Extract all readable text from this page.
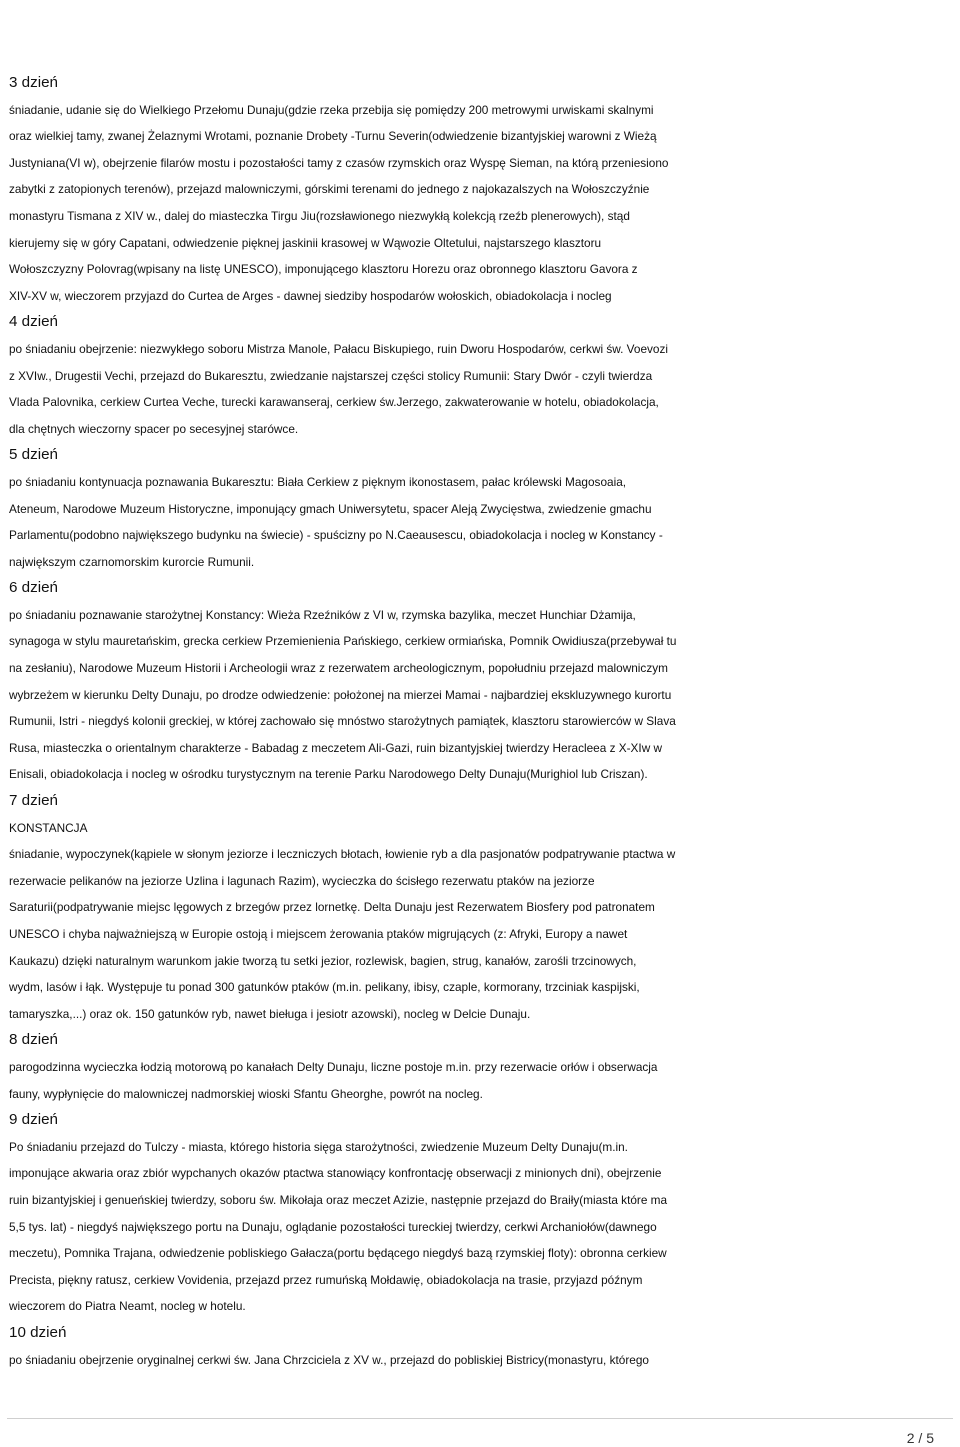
3 dzień

śniadanie, udanie się do Wielkiego Przełomu Dunaju(gdzie rzeka przebija się pomiędzy 200 metrowymi urwiskami skalnymi
oraz wielkiej tamy, zwanej Żelaznymi Wrotami, poznanie Drobety -Turnu Severin(odwiedzenie bizantyjskiej warowni z Wieżą
Justyniana(VI w), obejrzenie filarów mostu i pozostałości tamy z czasów rzymskich oraz Wyspę Sieman, na którą przeniesiono
zabytki z zatopionych terenów), przejazd malowniczymi, górskimi terenami do jednego z najokazalszych na Wołoszczyźnie
monastyru Tismana z XIV w., dalej do miasteczka Tirgu Jiu(rozsławionego niezwykłą kolekcją rzeźb plenerowych), stąd
kierujemy się w góry Capatani, odwiedzenie pięknej jaskinii krasowej w Wąwozie Oltetului, najstarszego klasztoru
Wołoszczyzny Polovrag(wpisany na listę UNESCO), imponującego klasztoru Horezu oraz obronnego klasztoru Gavora z
XIV-XV w, wieczorem przyjazd do Curtea de Arges - dawnej siedziby hospodarów wołoskich, obiadokolacja i nocleg

4 dzień

po śniadaniu obejrzenie: niezwykłego soboru Mistrza Manole, Pałacu Biskupiego, ruin Dworu Hospodarów, cerkwi św. Voevozi
z XVIw., Drugestii Vechi, przejazd do Bukaresztu, zwiedzanie najstarszej części stolicy Rumunii: Stary Dwór - czyli twierdza
Vlada Palovnika, cerkiew Curtea Veche, turecki karawanseraj, cerkiew św.Jerzego, zakwaterowanie w hotelu, obiadokolacja,
dla chętnych wieczorny spacer po secesyjnej starówce.

5 dzień

po śniadaniu kontynuacja poznawania Bukaresztu: Biała Cerkiew z pięknym ikonostasem, pałac królewski Magosoaia,
Ateneum, Narodowe Muzeum Historyczne, imponujący gmach Uniwersytetu, spacer Aleją Zwycięstwa, zwiedzenie gmachu
Parlamentu(podobno największego budynku na świecie) - spuścizny po N.Caeausescu, obiadokolacja i nocleg w Konstancy -
największym czarnomorskim kurorcie Rumunii.

6 dzień

po śniadaniu poznawanie starożytnej Konstancy: Wieża Rzeźników z VI w, rzymska bazylika, meczet Hunchiar Dżamija,
synagoga w stylu mauretańskim, grecka cerkiew Przemienienia Pańskiego, cerkiew ormiańska, Pomnik Owidiusza(przebywał tu
na zesłaniu), Narodowe Muzeum Historii i Archeologii wraz z rezerwatem archeologicznym, popołudniu przejazd malowniczym
wybrzeżem w kierunku Delty Dunaju, po drodze odwiedzenie: położonej na mierzei Mamai - najbardziej ekskluzywnego kurortu
Rumunii, Istri - niegdyś kolonii greckiej, w której zachowało się mnóstwo starożytnych pamiątek, klasztoru starowierców w Slava
Rusa, miasteczka o orientalnym charakterze - Babadag z meczetem Ali-Gazi, ruin bizantyjskiej twierdzy Heracleea z X-XIw w
Enisali, obiadokolacja i nocleg w ośrodku turystycznym na terenie Parku Narodowego Delty Dunaju(Murighiol lub Criszan).

7 dzień

KONSTANCJA
śniadanie, wypoczynek(kąpiele w słonym jeziorze i leczniczych błotach, łowienie ryb a dla pasjonatów podpatrywanie ptactwa w
rezerwacie pelikanów na jeziorze Uzlina i lagunach Razim), wycieczka do ścisłego rezerwatu ptaków na jeziorze
Saraturii(podpatrywanie miejsc lęgowych z brzegów przez lornetkę. Delta Dunaju jest Rezerwatem Biosfery pod patronatem
UNESCO i chyba najważniejszą w Europie ostoją i miejscem żerowania ptaków migrujących (z: Afryki, Europy a nawet
Kaukazu) dzięki naturalnym warunkom jakie tworzą tu setki jezior, rozlewisk, bagien, strug, kanałów, zarośli trzcinowych,
wydm, lasów i łąk. Występuje tu ponad 300 gatunków ptaków (m.in. pelikany, ibisy, czaple, kormorany, trzciniak kaspijski,
tamaryszka,...) oraz ok. 150 gatunków ryb, nawet bieługa i jesiotr azowski), nocleg w Delcie Dunaju.

8 dzień

parogodzinna wycieczka łodzią motorową po kanałach Delty Dunaju, liczne postoje m.in. przy rezerwacie orłów i obserwacja
fauny, wypłynięcie do malowniczej nadmorskiej wioski Sfantu Gheorghe, powrót na nocleg.

9 dzień

Po śniadaniu przejazd do Tulczy - miasta, którego historia sięga starożytności, zwiedzenie Muzeum Delty Dunaju(m.in.
imponujące akwaria oraz zbiór wypchanych okazów ptactwa stanowiący konfrontację obserwacji z minionych dni), obejrzenie
ruin bizantyjskiej i genueńskiej twierdzy, soboru św. Mikołaja oraz meczet Azizie, następnie przejazd do Braiły(miasta które ma
5,5 tys. lat) - niegdyś największego portu na Dunaju, oglądanie pozostałości tureckiej twierdzy, cerkwi Archaniołów(dawnego
meczetu), Pomnika Trajana, odwiedzenie pobliskiego Gałacza(portu będącego niegdyś bazą rzymskiej floty): obronna cerkiew
Precista, piękny ratusz, cerkiew Vovidenia, przejazd przez rumuńską Mołdawię, obiadokolacja na trasie, przyjazd późnym
wieczorem do Piatra Neamt, nocleg w hotelu.

10 dzień

po śniadaniu obejrzenie oryginalnej cerkwi św. Jana Chrzciciela z XV w., przejazd do pobliskiej Bistricy(monastyru, którego

2 / 5
